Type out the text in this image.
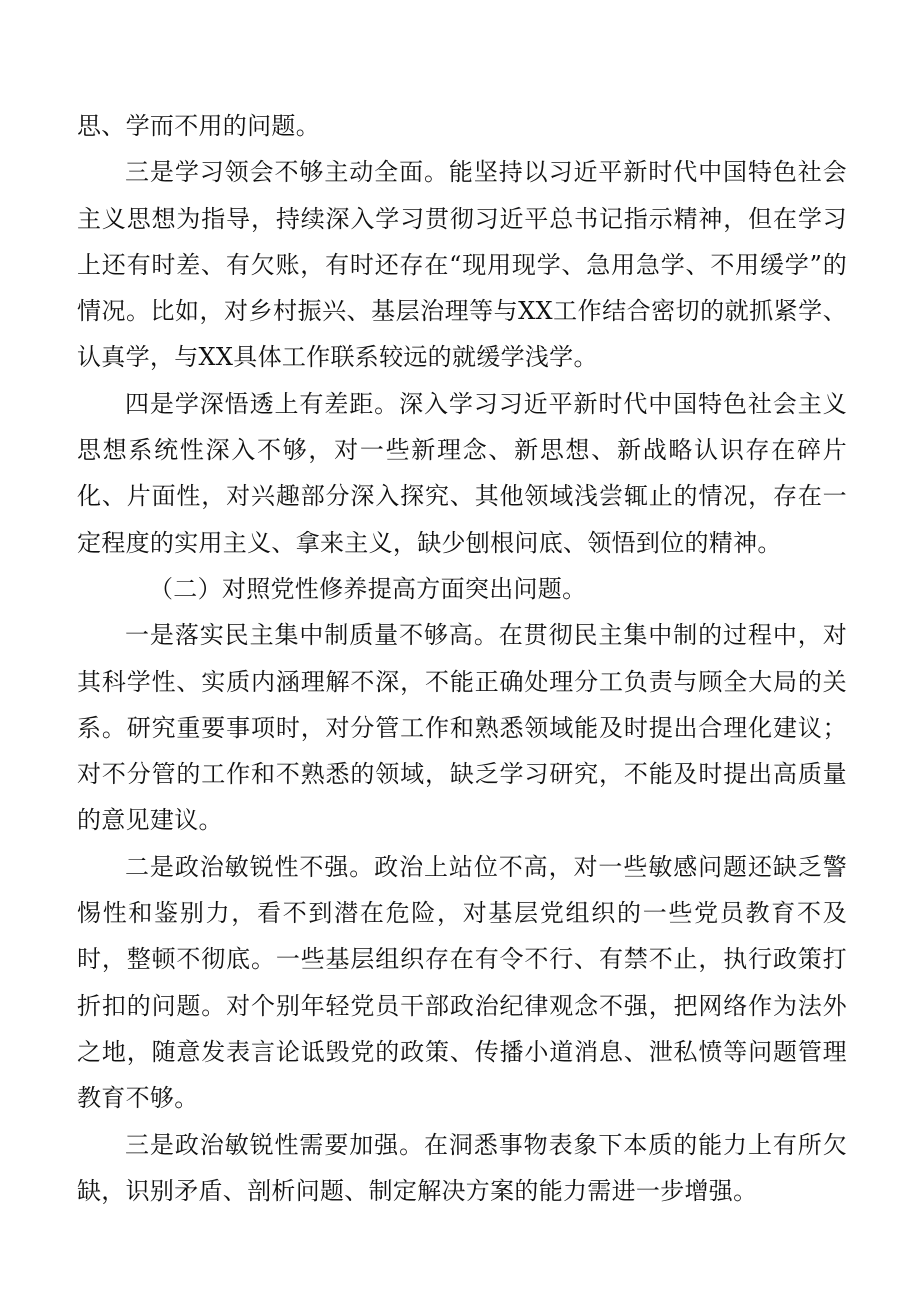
思、学而不用的问题。

三是学习领会不够主动全面。能坚持以习近平新时代中国特色社会主义思想为指导，持续深入学习贯彻习近平总书记指示精神，但在学习上还有时差、有欠账，有时还存在“现用现学、急用急学、不用缓学”的情况。比如，对乡村振兴、基层治理等与XX工作结合密切的就抓紧学、认真学，与XX具体工作联系较远的就缓学浅学。

四是学深悟透上有差距。深入学习习近平新时代中国特色社会主义思想系统性深入不够，对一些新理念、新思想、新战略认识存在碎片化、片面性，对兴趣部分深入探究、其他领域浅尝辄止的情况，存在一定程度的实用主义、拿来主义，缺少刨根问底、领悟到位的精神。

（二）对照党性修养提高方面突出问题。

一是落实民主集中制质量不够高。在贯彻民主集中制的过程中，对其科学性、实质内涵理解不深，不能正确处理分工负责与顾全大局的关系。研究重要事项时，对分管工作和熟悉领域能及时提出合理化建议；对不分管的工作和不熟悉的领域，缺乏学习研究，不能及时提出高质量的意见建议。

二是政治敏锐性不强。政治上站位不高，对一些敏感问题还缺乏警惕性和鉴别力，看不到潜在危险，对基层党组织的一些党员教育不及时，整顿不彻底。一些基层组织存在有令不行、有禁不止，执行政策打折扣的问题。对个别年轻党员干部政治纪律观念不强，把网络作为法外之地，随意发表言论诋毁党的政策、传播小道消息、泄私愤等问题管理教育不够。

三是政治敏锐性需要加强。在洞悉事物表象下本质的能力上有所欠缺，识别矛盾、剖析问题、制定解决方案的能力需进一步增强。
